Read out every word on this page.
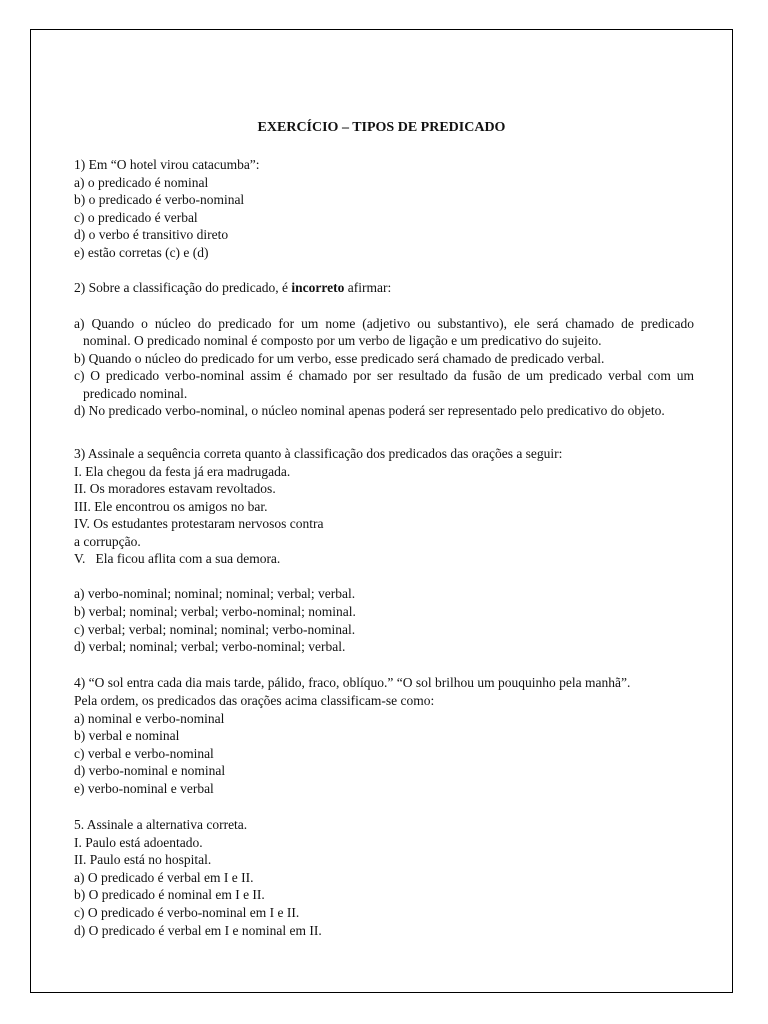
EXERCÍCIO – TIPOS DE PREDICADO
1) Em “O hotel virou catacumba”:
a) o predicado é nominal
b) o predicado é verbo-nominal
c) o predicado é verbal
d) o verbo é transitivo direto
e) estão corretas (c) e (d)
2) Sobre a classificação do predicado, é incorreto afirmar:
a) Quando o núcleo do predicado for um nome (adjetivo ou substantivo), ele será chamado de predicado
nominal. O predicado nominal é composto por um verbo de ligação e um predicativo do sujeito.
b) Quando o núcleo do predicado for um verbo, esse predicado será chamado de predicado verbal.
c) O predicado verbo-nominal assim é chamado por ser resultado da fusão de um predicado verbal com um
predicado nominal.
d) No predicado verbo-nominal, o núcleo nominal apenas poderá ser representado pelo predicativo do objeto.
3) Assinale a sequência correta quanto à classificação dos predicados das orações a seguir:
I. Ela chegou da festa já era madrugada.
II. Os moradores estavam revoltados.
III. Ele encontrou os amigos no bar.
IV. Os estudantes protestaram nervosos contra
a corrupção.
V.   Ela ficou aflita com a sua demora.
a) verbo-nominal; nominal; nominal; verbal; verbal.
b) verbal; nominal; verbal; verbo-nominal; nominal.
c) verbal; verbal; nominal; nominal; verbo-nominal.
d) verbal; nominal; verbal; verbo-nominal; verbal.
4) “O sol entra cada dia mais tarde, pálido, fraco, oblíquo.” “O sol brilhou um pouquinho pela manhã”.
Pela ordem, os predicados das orações acima classificam-se como:
a) nominal e verbo-nominal
b) verbal e nominal
c) verbal e verbo-nominal
d) verbo-nominal e nominal
e) verbo-nominal e verbal
5. Assinale a alternativa correta.
I. Paulo está adoentado.
II. Paulo está no hospital.
a) O predicado é verbal em I e II.
b) O predicado é nominal em I e II.
c) O predicado é verbo-nominal em I e II.
d) O predicado é verbal em I e nominal em II.
